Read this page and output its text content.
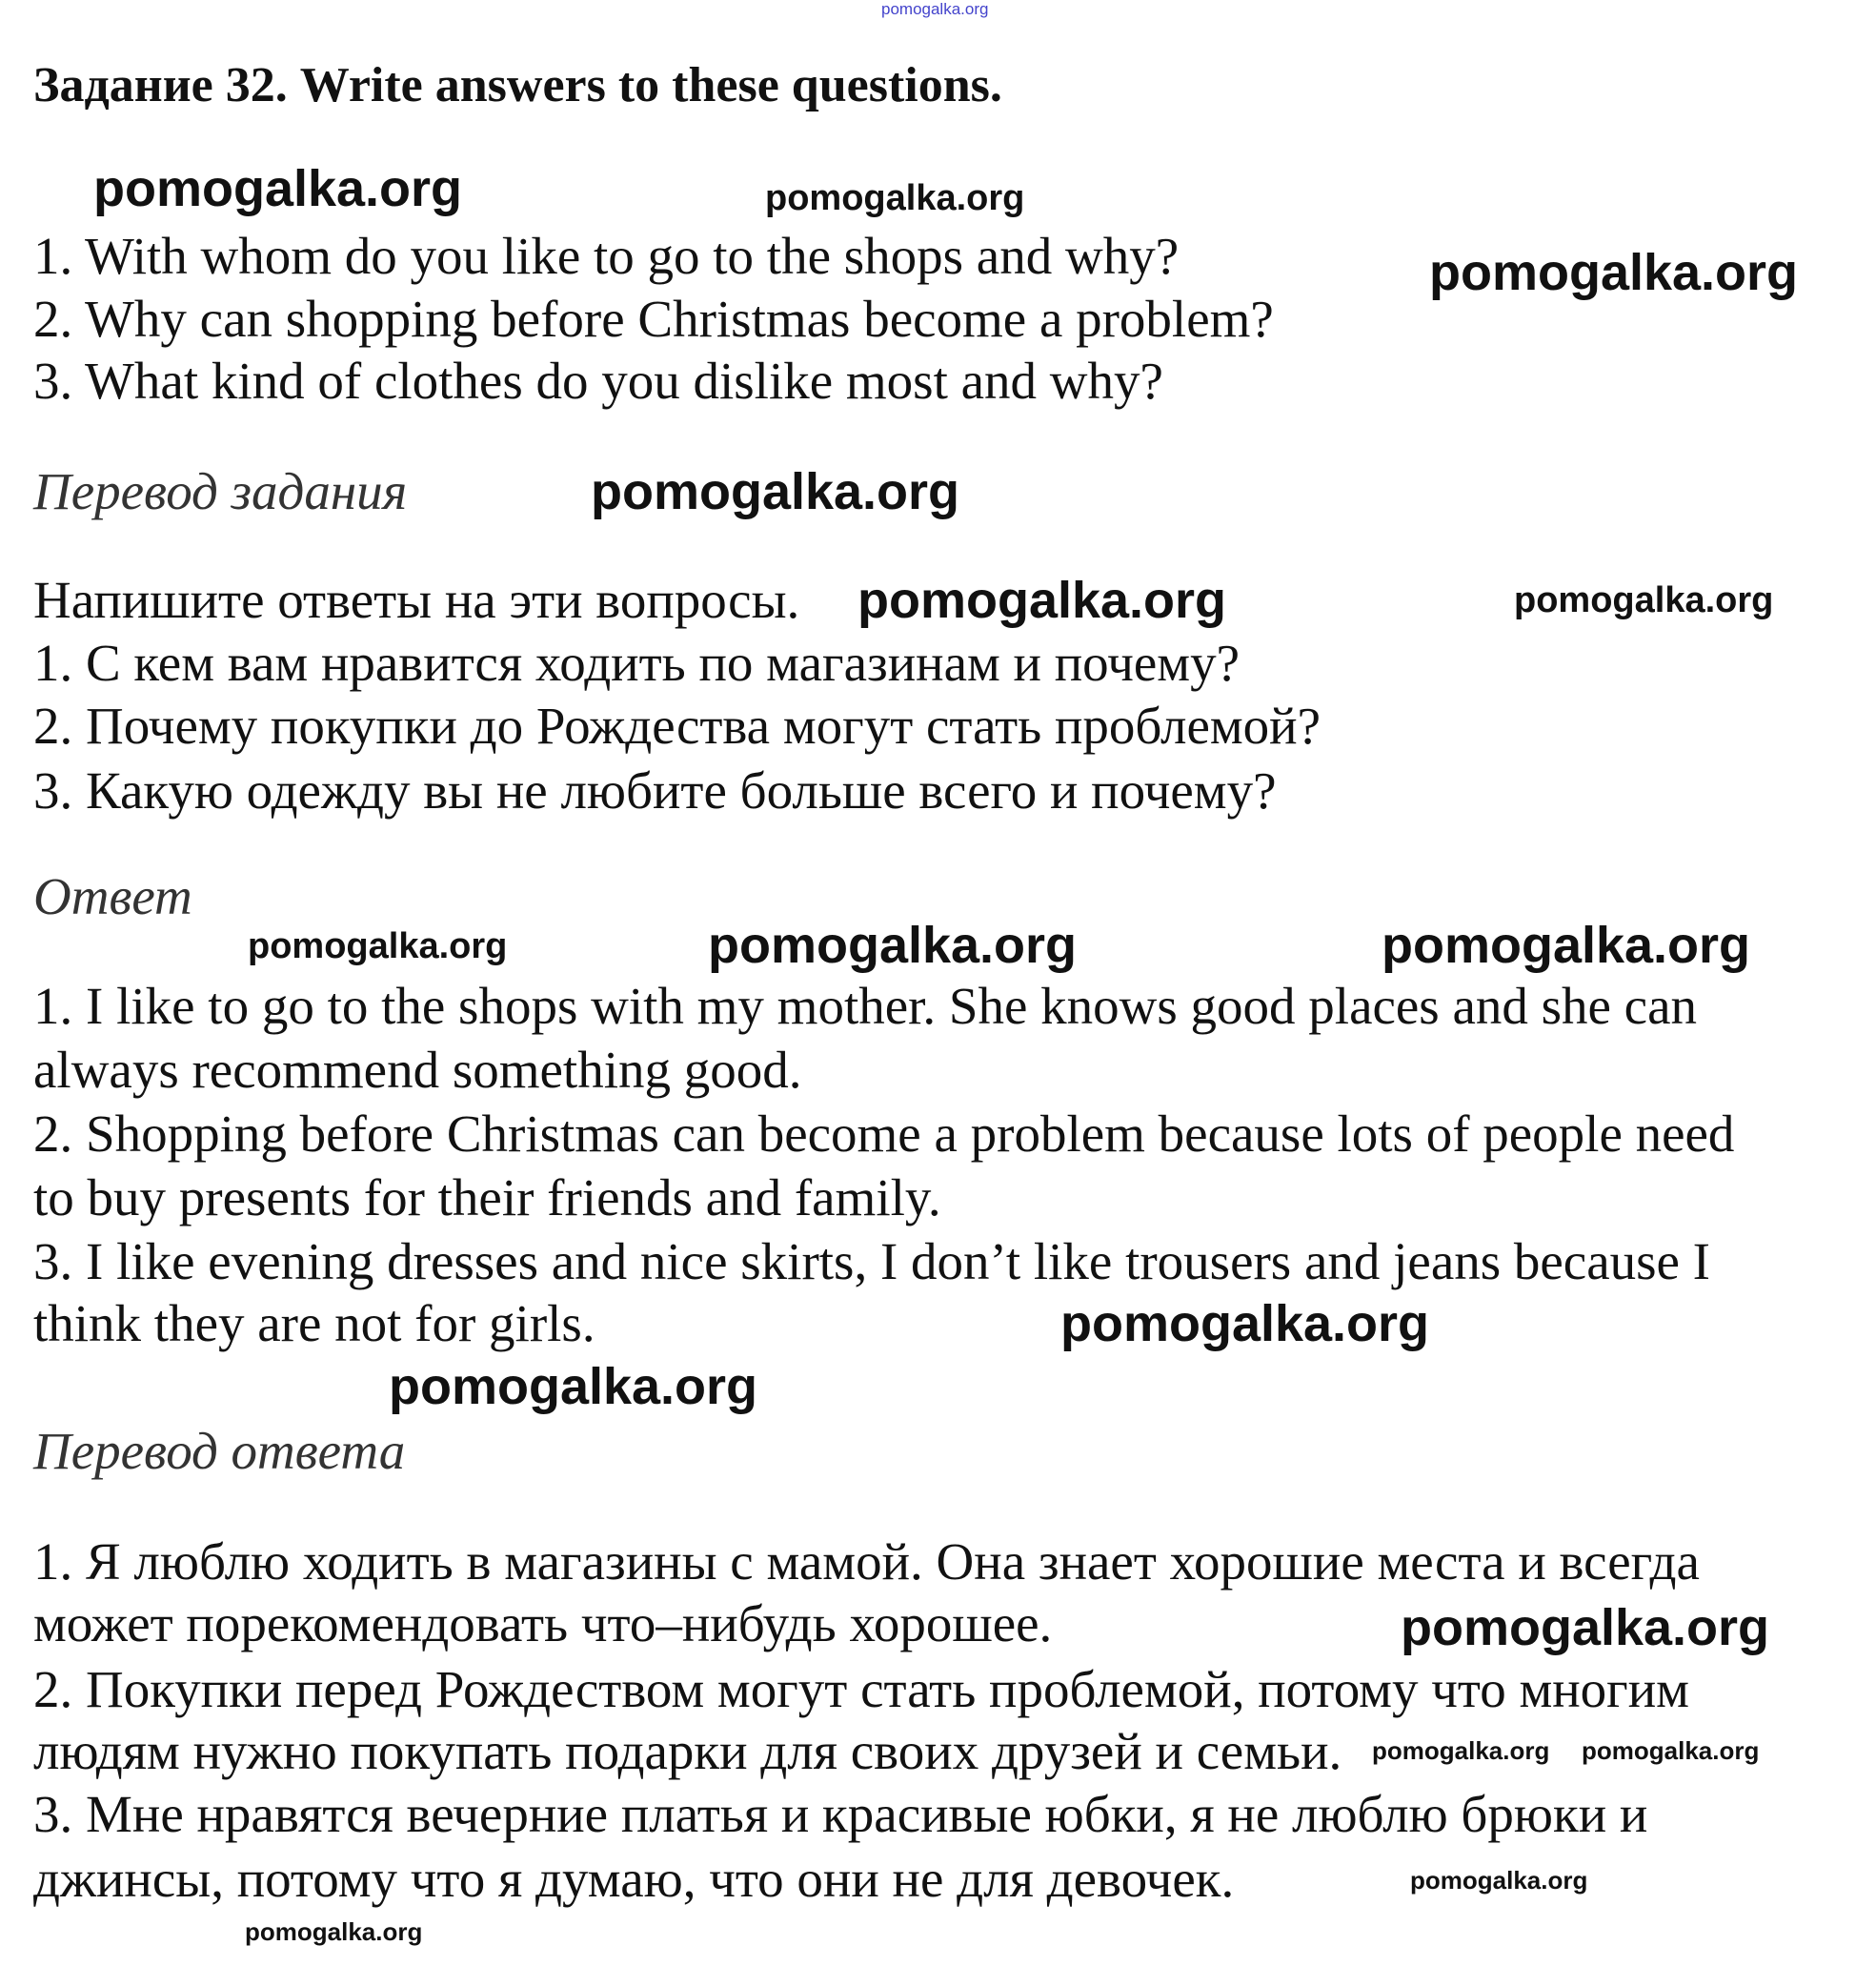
pomogalka.org
Задание 32. Write answers to these questions.
1. With whom do you like to go to the shops and why?
2. Why can shopping before Christmas become a problem?
3. What kind of clothes do you dislike most and why?
Перевод задания
Напишите ответы на эти вопросы.
1. С кем вам нравится ходить по магазинам и почему?
2. Почему покупки до Рождества могут стать проблемой?
3. Какую одежду вы не любите больше всего и почему?
Ответ
1. I like to go to the shops with my mother. She knows good places and she can
always recommend something good.
2. Shopping before Christmas can become a problem because lots of people need
to buy presents for their friends and family.
3. I like evening dresses and nice skirts, I don’t like trousers and jeans because I
think they are not for girls.
Перевод ответа
1. Я люблю ходить в магазины с мамой. Она знает хорошие места и всегда
может порекомендовать что–нибудь хорошее.
2. Покупки перед Рождеством могут стать проблемой, потому что многим
людям нужно покупать подарки для своих друзей и семьи.
3. Мне нравятся вечерние платья и красивые юбки, я не люблю брюки и
джинсы, потому что я думаю, что они не для девочек.
pomogalka.org	pomogalka.org
pomogalka.org
pomogalka.org
pomogalka.org	pomogalka.org
pomogalka.org	pomogalka.org	pomogalka.org
pomogalka.org
pomogalka.org
pomogalka.org
pomogalka.org pomogalka.org
pomogalka.org
pomogalka.org
